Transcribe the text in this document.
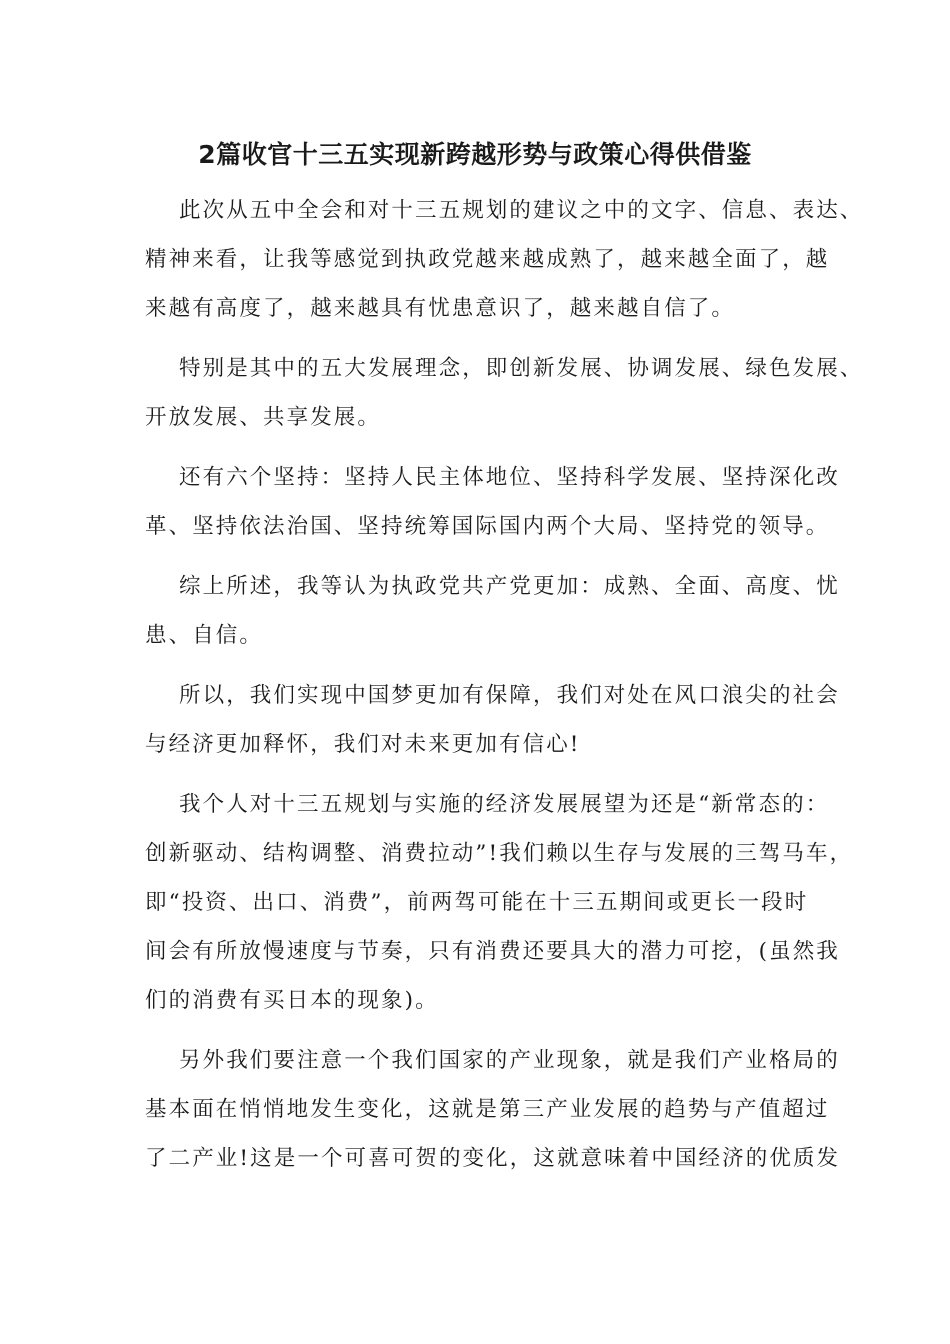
2篇收官十三五实现新跨越形势与政策心得供借鉴
此次从五中全会和对十三五规划的建议之中的文字、信息、表达、
精神来看，让我等感觉到执政党越来越成熟了，越来越全面了，越
来越有高度了，越来越具有忧患意识了，越来越自信了。
特别是其中的五大发展理念，即创新发展、协调发展、绿色发展、
开放发展、共享发展。
还有六个坚持：坚持人民主体地位、坚持科学发展、坚持深化改
革、坚持依法治国、坚持统筹国际国内两个大局、坚持党的领导。
综上所述，我等认为执政党共产党更加：成熟、全面、高度、忧
患、自信。
所以，我们实现中国梦更加有保障，我们对处在风口浪尖的社会
与经济更加释怀，我们对未来更加有信心!
我个人对十三五规划与实施的经济发展展望为还是“新常态的：
创新驱动、结构调整、消费拉动”!我们赖以生存与发展的三驾马车，
即“投资、出口、消费”，前两驾可能在十三五期间或更长一段时
间会有所放慢速度与节奏，只有消费还要具大的潜力可挖，(虽然我
们的消费有买日本的现象)。
另外我们要注意一个我们国家的产业现象，就是我们产业格局的
基本面在悄悄地发生变化，这就是第三产业发展的趋势与产值超过
了二产业!这是一个可喜可贺的变化，这就意味着中国经济的优质发
